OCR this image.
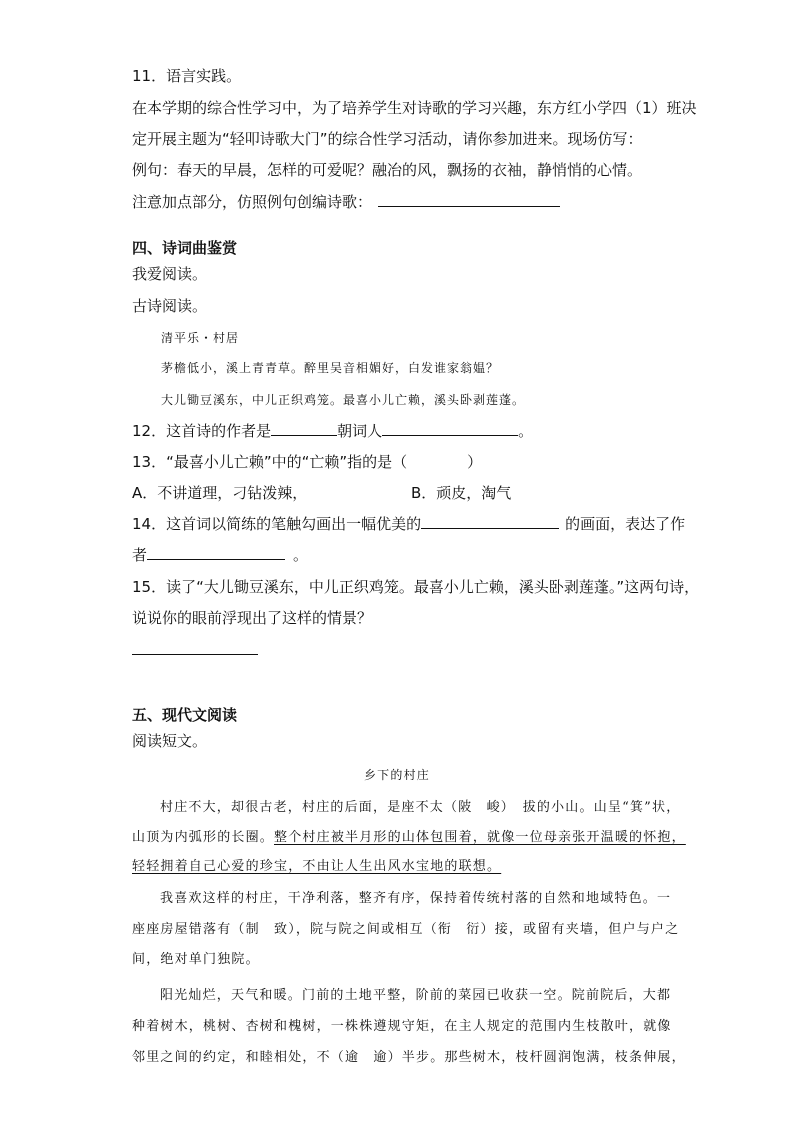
11．语言实践。
在本学期的综合性学习中，为了培养学生对诗歌的学习兴趣，东方红小学四（1）班决
定开展主题为“轻叩诗歌大门”的综合性学习活动，请你参加进来。现场仿写：
例句：春天的早晨，怎样的可爱呢？融冶的风，飘扬的衣袖，静悄悄的心情。
注意加点部分，仿照例句创编诗歌：
四、诗词曲鉴赏
我爱阅读。
古诗阅读。
清平乐・村居
茅檐低小，溪上青青草。醉里吴音相媚好，白发谁家翁媪？
大儿锄豆溪东，中儿正织鸡笼。最喜小儿亡赖，溪头卧剥莲蓬。
12．这首诗的作者是	朝词人	。
13．“最喜小儿亡赖”中的“亡赖”指的是（　　　　）
A．不讲道理，刁钻泼辣，	B．顽皮，淘气
14．这首词以简练的笔触勾画出一幅优美的	的画面，表达了作
者	。
15．读了“大儿锄豆溪东，中儿正织鸡笼。最喜小儿亡赖，溪头卧剥莲蓬。”这两句诗，
说说你的眼前浮现出了这样的情景？
五、现代文阅读
阅读短文。
乡下的村庄
村庄不大，却很古老，村庄的后面，是座不太（陂　峻）　拔的小山。山呈“箕”状，
山顶为内弧形的长圈。整个村庄被半月形的山体包围着，就像一位母亲张开温暖的怀抱，
轻轻拥着自己心爱的珍宝，不由让人生出风水宝地的联想。
我喜欢这样的村庄，干净利落，整齐有序，保持着传统村落的自然和地域特色。一
座座房屋错落有（制　致），院与院之间或相互（衔　衍）接，或留有夹墙，但户与户之
间，绝对单门独院。
阳光灿烂，天气和暖。门前的土地平整，阶前的菜园已收获一空。院前院后，大都
种着树木，桃树、杏树和槐树，一株株遵规守矩，在主人规定的范围内生枝散叶，就像
邻里之间的约定，和睦相处，不（逾　逾）半步。那些树木，枝杆圆润饱满，枝条伸展，
